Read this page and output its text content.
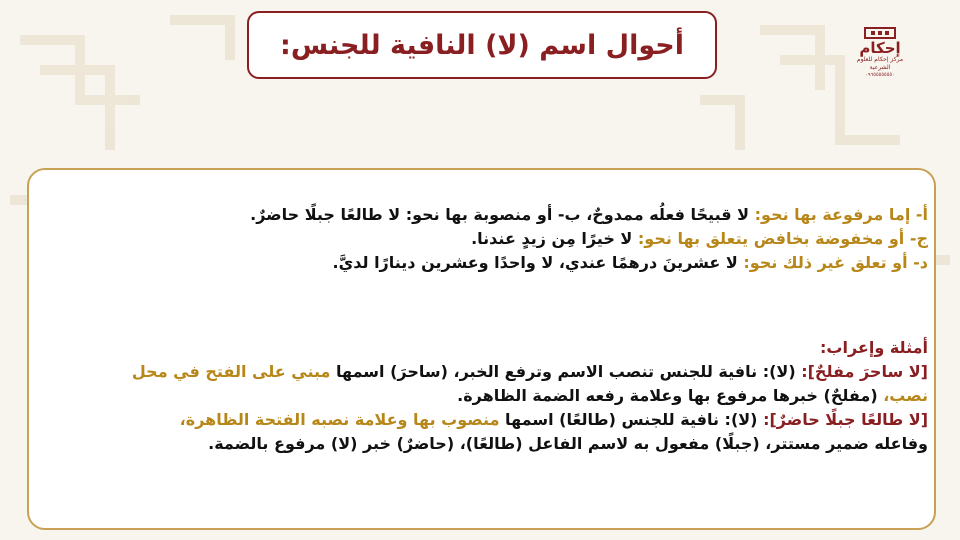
أحوال اسم (لا) النافية للجنس:	إحكام
مركز إحكام للعلوم الشرعية
٠٩٦٥٥٥٥٥٥٥٠
أ- إما مرفوعة بها نحو: لا قبيحًا فعلُه ممدوحٌ، ب- أو منصوبة بها نحو: لا طالعًا جبلًا حاضرٌ.
ج- أو مخفوضة بخافض يتعلق بها نحو: لا خيرًا مِن زيدٍ عندنا.
د- أو تعلق غير ذلك نحو: لا عشرينَ درهمًا عندي، لا واحدًا وعشرين دينارًا لديَّ.
أمثلة وإعراب:
[لا ساحرَ مفلحٌ]: (لا): نافية للجنس تنصب الاسم وترفع الخبر، (ساحرَ) اسمها مبني على الفتح في محل
نصب، (مفلحٌ) خبرها مرفوع بها وعلامة رفعه الضمة الظاهرة.
[لا طالعًا جبلًا حاضرٌ]: (لا): نافية للجنس (طالعًا) اسمها منصوب بها وعلامة نصبه الفتحة الظاهرة،
وفاعله ضمير مستتر، (جبلًا) مفعول به لاسم الفاعل (طالعًا)، (حاضرٌ) خبر (لا) مرفوع بالضمة.
